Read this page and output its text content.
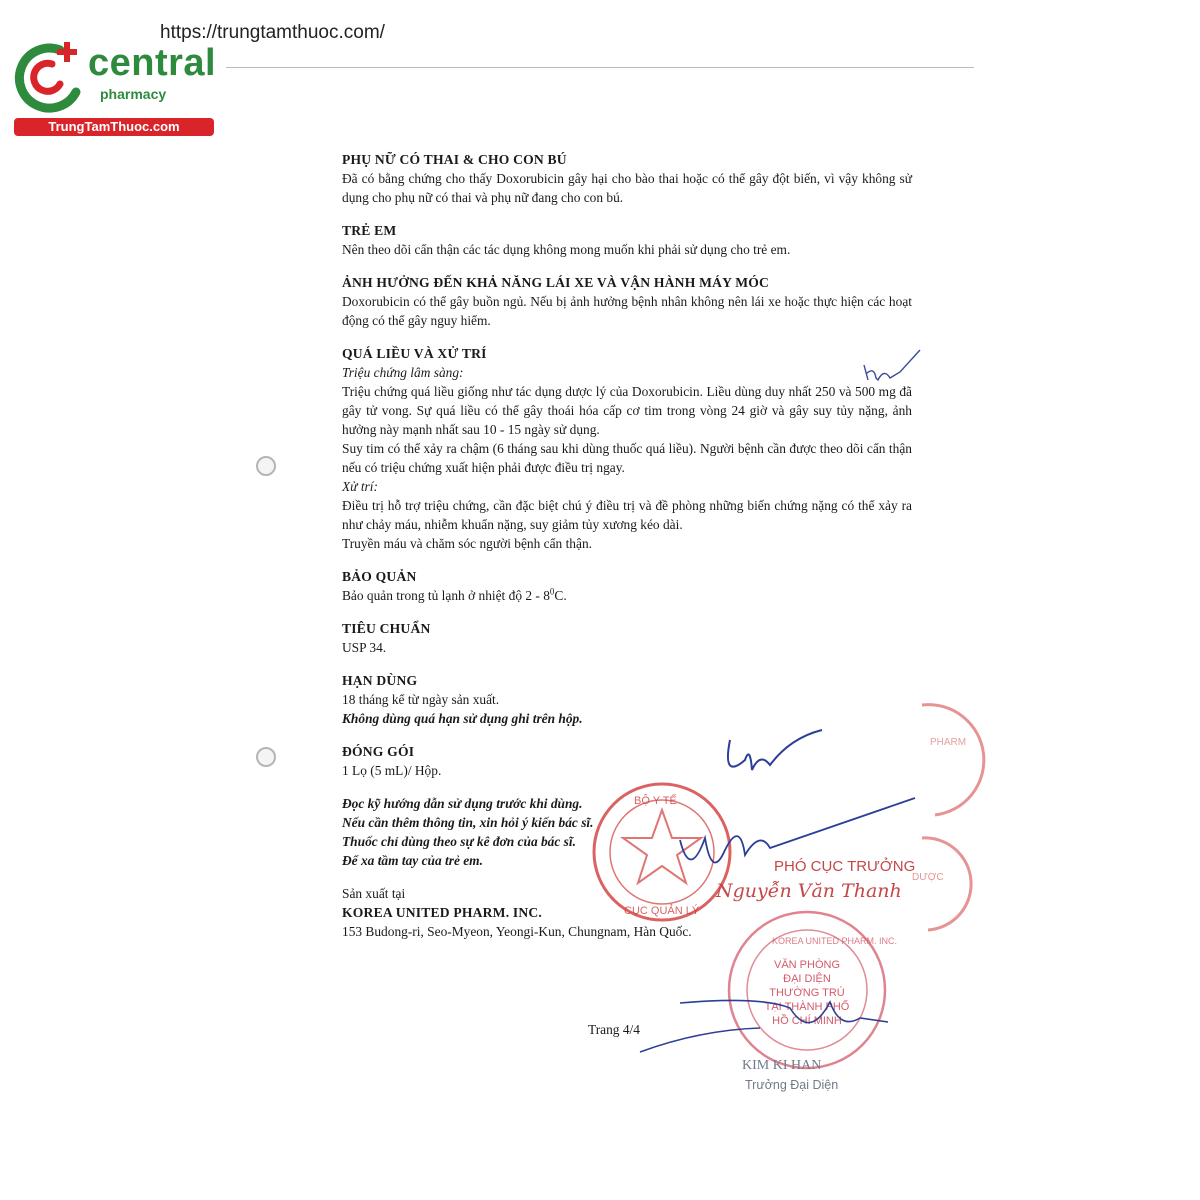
https://trungtamthuoc.com/
central
pharmacy
TrungTamThuoc.com

PHỤ NỮ CÓ THAI & CHO CON BÚ

Đã có bằng chứng cho thấy Doxorubicin gây hại cho bào thai hoặc có thể gây đột biến, vì vậy không sử dụng cho phụ nữ có thai và phụ nữ đang cho con bú.

TRẺ EM

Nên theo dõi cẩn thận các tác dụng không mong muốn khi phải sử dụng cho trẻ em.

ẢNH HƯỞNG ĐẾN KHẢ NĂNG LÁI XE VÀ VẬN HÀNH MÁY MÓC

Doxorubicin có thể gây buồn ngủ. Nếu bị ảnh hưởng bệnh nhân không nên lái xe hoặc thực hiện các hoạt động có thể gây nguy hiểm.

QUÁ LIỀU VÀ XỬ TRÍ

Triệu chứng lâm sàng:

Triệu chứng quá liều giống như tác dụng dược lý của Doxorubicin. Liều dùng duy nhất 250 và 500 mg đã gây tử vong. Sự quá liều có thể gây thoái hóa cấp cơ tim trong vòng 24 giờ và gây suy tủy nặng, ảnh hưởng này mạnh nhất sau 10 - 15 ngày sử dụng.

Suy tim có thể xảy ra chậm (6 tháng sau khi dùng thuốc quá liều). Người bệnh cần được theo dõi cẩn thận nếu có triệu chứng xuất hiện phải được điều trị ngay.

Xử trí:

Điều trị hỗ trợ triệu chứng, cần đặc biệt chú ý điều trị và đề phòng những biến chứng nặng có thể xảy ra như chảy máu, nhiễm khuẩn nặng, suy giảm tủy xương kéo dài.

Truyền máu và chăm sóc người bệnh cẩn thận.

BẢO QUẢN

Bảo quản trong tủ lạnh ở nhiệt độ $2 - 8^0C$.

TIÊU CHUẨN

USP 34.

HẠN DÙNG

18 tháng kể từ ngày sản xuất.

Không dùng quá hạn sử dụng ghi trên hộp.

ĐÓNG GÓI

1 Lọ (5 mL)/ Hộp.

Đọc kỹ hướng dẫn sử dụng trước khi dùng.

Nếu cần thêm thông tin, xin hỏi ý kiến bác sĩ.

Thuốc chỉ dùng theo sự kê đơn của bác sĩ.

Để xa tầm tay của trẻ em.

Sản xuất tại

KOREA UNITED PHARM. INC.

153 Budong-ri, Seo-Myeon, Yeongi-Kun, Chungnam, Hàn Quốc.

Trang 4/4
BỘ Y TẾ
CỤC QUẢN LÝ
PHARM
DƯỢC
KOREA UNITED PHARM. INC.
VĂN PHÒNG
ĐẠI DIỆN
THƯỜNG TRÚ
TẠI THÀNH PHỐ
HỒ CHÍ MINH
PHÓ CỤC TRƯỞNG
Nguyễn Văn Thanh
KIM KI HAN
Trưởng Đại Diện
